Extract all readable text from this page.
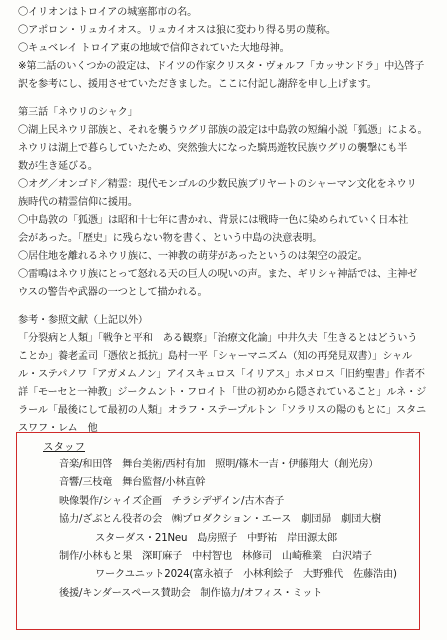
〇イリオンはトロイアの城塞都市の名。
〇アポロン・リュカイオス。リュカイオスは狼に変わり得る男の蔑称。
〇キュベレイ トロイア東の地域で信仰されていた大地母神。
※第二話のいくつかの設定は、ドイツの作家クリスタ・ヴォルフ「カッサンドラ」中込啓子
訳を参考にし、援用させていただきました。ここに付記し謝辞を申し上げます。
第三話「ネウリのシャク」
〇湖上民ネウリ部族と、それを襲うウグリ部族の設定は中島敦の短編小説「狐憑」による。
ネウリは湖上で暮らしていたため、突然強大になった騎馬遊牧民族ウグリの襲撃にも半
数が生き延びる。
〇オグ／オンゴド／精霊：現代モンゴルの少数民族ブリヤートのシャーマン文化をネウリ
族時代の精霊信仰に援用。
〇中島敦の「狐憑」は昭和十七年に書かれ、背景には戦時一色に染められていく日本社
会があった。「歴史」に残らない物を書く、という中島の決意表明。
〇居住地を離れるネウリ族に、一神教の萌芽があったというのは架空の設定。
〇雷鳴はネウリ族にとって怒れる天の巨人の呪いの声。また、ギリシャ神話では、主神ゼ
ウスの警告や武器の一つとして描かれる。
参考・参照文献（上記以外）
「分裂病と人類」「戦争と平和　ある観察」「治療文化論」中井久夫「生きるとはどういう
ことか」養老孟司「憑依と抵抗」島村一平「シャーマニズム（知の再発見双書）」シャル
ル・ステパノワ「アガメムノン」アイスキュロス「イリアス」ホメロス「旧約聖書」作者不
詳「モーセと一神教」ジークムント・フロイト「世の初めから隠されていること」ルネ・ジ
ラール「最後にして最初の人類」オラフ・ステープルトン「ソラリスの陽のもとに」スタニ
スワフ・レム　他
スタッフ
音楽/和田啓　舞台美術/西村有加　照明/篠木一吉・伊藤翔大（創光房）
音響/三枝竜　舞台監督/小林直幹
映像製作/シャイズ企画　チラシデザイン/古木杏子
協力/ざぶとん役者の会　㈱プロダクション・エース　劇団昴　劇団大樹
スターダス・21Neu　島房照子　中野祐　岸田源太郎
制作/小林もと果　深町麻子　中村智也　林修司　山崎稚業　白沢靖子
ワークユニット2024(富永禎子　小林利絵子　大野雅代　佐藤浩由)
後援/キンダースペース賛助会　制作協力/オフィス・ミット
